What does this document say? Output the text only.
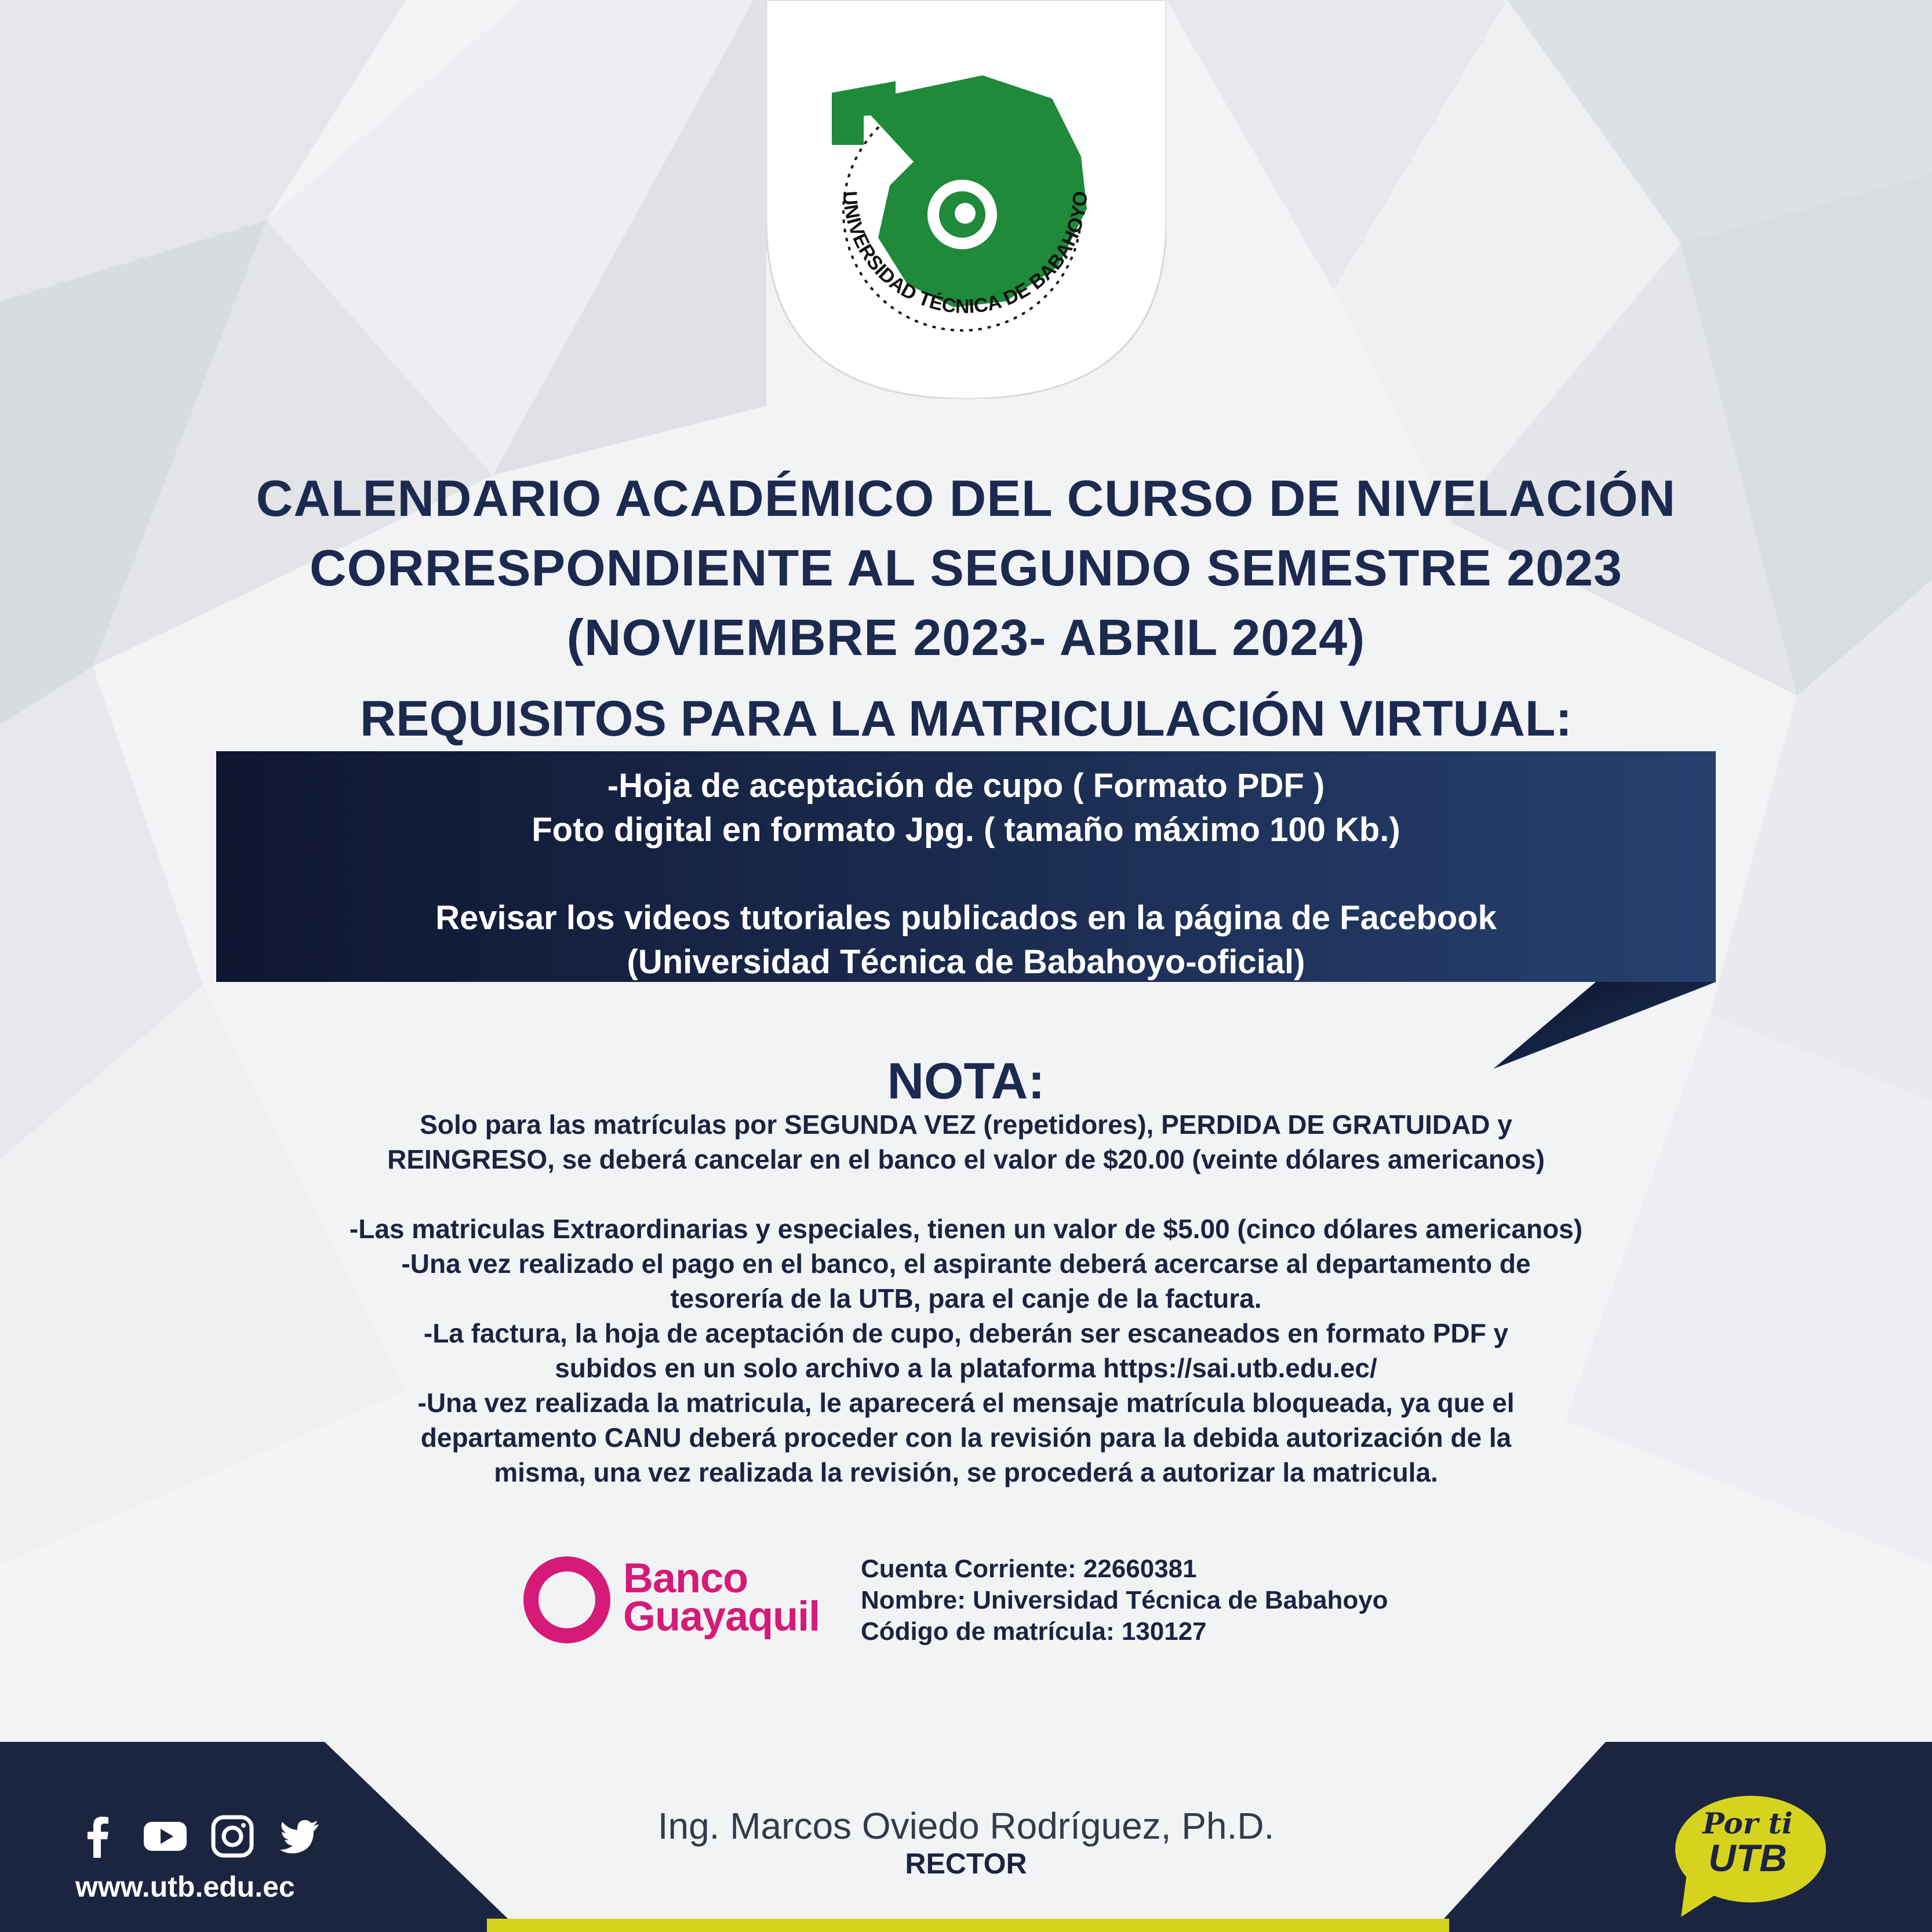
UNIVERSIDAD TÉCNICA DE BABAHOYO
CALENDARIO ACADÉMICO DEL CURSO DE NIVELACIÓN
CORRESPONDIENTE AL SEGUNDO SEMESTRE 2023
(NOVIEMBRE 2023- ABRIL 2024)
REQUISITOS PARA LA MATRICULACIÓN VIRTUAL:
-Hoja de aceptación de cupo ( Formato PDF )
Foto digital en formato Jpg. ( tamaño máximo 100 Kb.)
Revisar los videos tutoriales publicados en la página de Facebook
(Universidad Técnica de Babahoyo-oficial)
NOTA:
Solo para las matrículas por SEGUNDA VEZ (repetidores), PERDIDA DE GRATUIDAD y
REINGRESO, se deberá cancelar en el banco el valor de $20.00 (veinte dólares americanos)
-Las matriculas Extraordinarias y especiales, tienen un valor de $5.00 (cinco dólares americanos)
-Una vez realizado el pago en el banco, el aspirante deberá acercarse al departamento de
tesorería de la UTB, para el canje de la factura.
-La factura, la hoja de aceptación de cupo, deberán ser escaneados en formato PDF y
subidos en un solo archivo a la plataforma https://sai.utb.edu.ec/
-Una vez realizada la matricula, le aparecerá el mensaje matrícula bloqueada, ya que el
departamento CANU deberá proceder con la revisión para la debida autorización de la
misma, una vez realizada la revisión, se procederá a autorizar la matricula.
Banco
Guayaquil
Cuenta Corriente: 22660381
Nombre: Universidad Técnica de Babahoyo
Código de matrícula: 130127
www.utb.edu.ec
Ing. Marcos Oviedo Rodríguez, Ph.D.
RECTOR
Por ti
UTB
